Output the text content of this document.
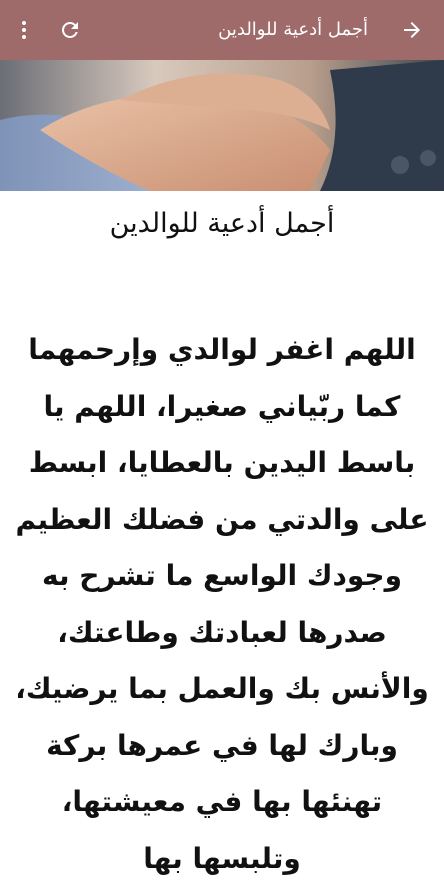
أجمل أدعية للوالدين
أجمل أدعية للوالدين
اللهم اغفر لوالدي وإرحمهما كما ربّياني صغيرا، اللهم يا باسط اليدين بالعطايا، ابسط على والدتي من فضلك العظيم وجودك الواسع ما تشرح به صدرها لعبادتك وطاعتك، والأنس بك والعمل بما يرضيك، وبارك لها في عمرها بركة تهنئها بها في معيشتها، وتلبسها بها
